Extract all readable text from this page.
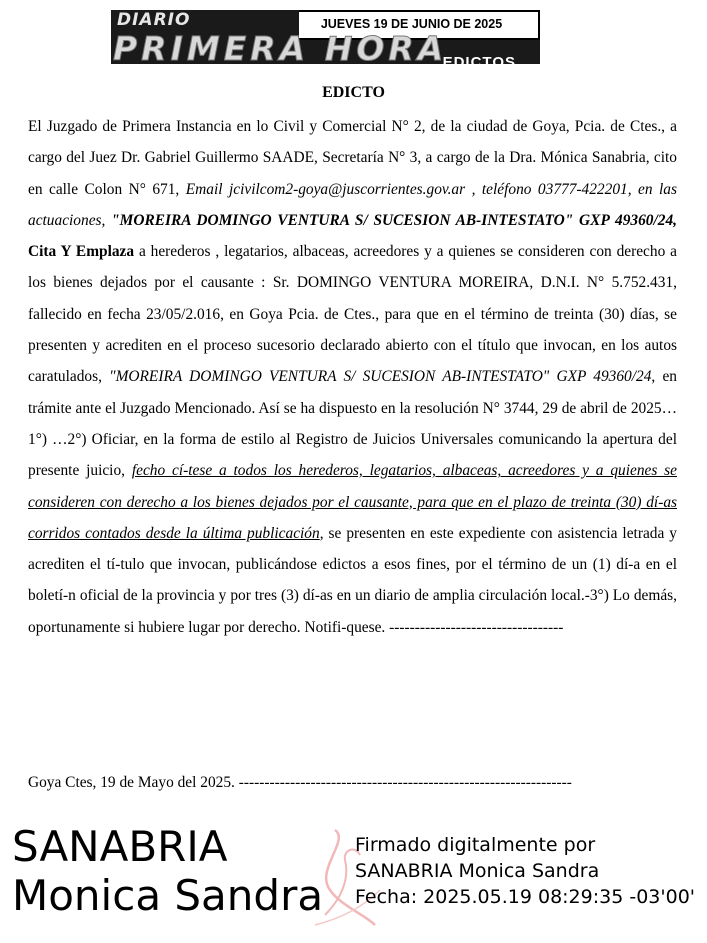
DIARIO	JUEVES 19 DE JUNIO DE 2025
PRIMERA HORA
EDICTOS
EDICTO

El Juzgado de Primera Instancia en lo Civil y Comercial N° 2, de la ciudad de Goya, Pcia. de Ctes., a cargo del Juez Dr. Gabriel Guillermo SAADE, Secretaría N° 3, a cargo de la Dra. Mónica Sanabria, cito en calle Colon N° 671, Email jcivilcom2-goya@juscorrientes.gov.ar , teléfono 03777-422201, en las actuaciones, "MOREIRA DOMINGO VENTURA S/ SUCESION AB-INTESTATO" GXP 49360/24, Cita Y Emplaza a herederos , legatarios, albaceas, acreedores y a quienes se consideren con derecho a los bienes dejados por el causante : Sr. DOMINGO VENTURA MOREIRA, D.N.I. N° 5.752.431, fallecido en fecha 23/05/2.016, en Goya Pcia. de Ctes., para que en el término de treinta (30) días, se presenten y acrediten en el proceso sucesorio declarado abierto con el título que invocan, en los autos caratulados, "MOREIRA DOMINGO VENTURA S/ SUCESION AB-INTESTATO" GXP 49360/24, en trámite ante el Juzgado Mencionado. Así se ha dispuesto en la resolución N° 3744, 29 de abril de 2025…1°) …2°) Oficiar, en la forma de estilo al Registro de Juicios Universales comunicando la apertura del presente juicio, fecho cí-tese a todos los herederos, legatarios, albaceas, acreedores y a quienes se consideren con derecho a los bienes dejados por el causante, para que en el plazo de treinta (30) dí-as corridos contados desde la última publicación, se presenten en este expediente con asistencia letrada y acrediten el tí-tulo que invocan, publicándose edictos a esos fines, por el término de un (1) dí-a en el boletí-n oficial de la provincia y por tres (3) dí-as en un diario de amplia circulación local.-3°) Lo demás, oportunamente si hubiere lugar por derecho. Notifi-quese. ----------------------------------

Goya Ctes, 19 de Mayo del 2025. -----------------------------------------------------------------
SANABRIA
Monica Sandra
Firmado digitalmente por
SANABRIA Monica Sandra
Fecha: 2025.05.19 08:29:35 -03'00'
